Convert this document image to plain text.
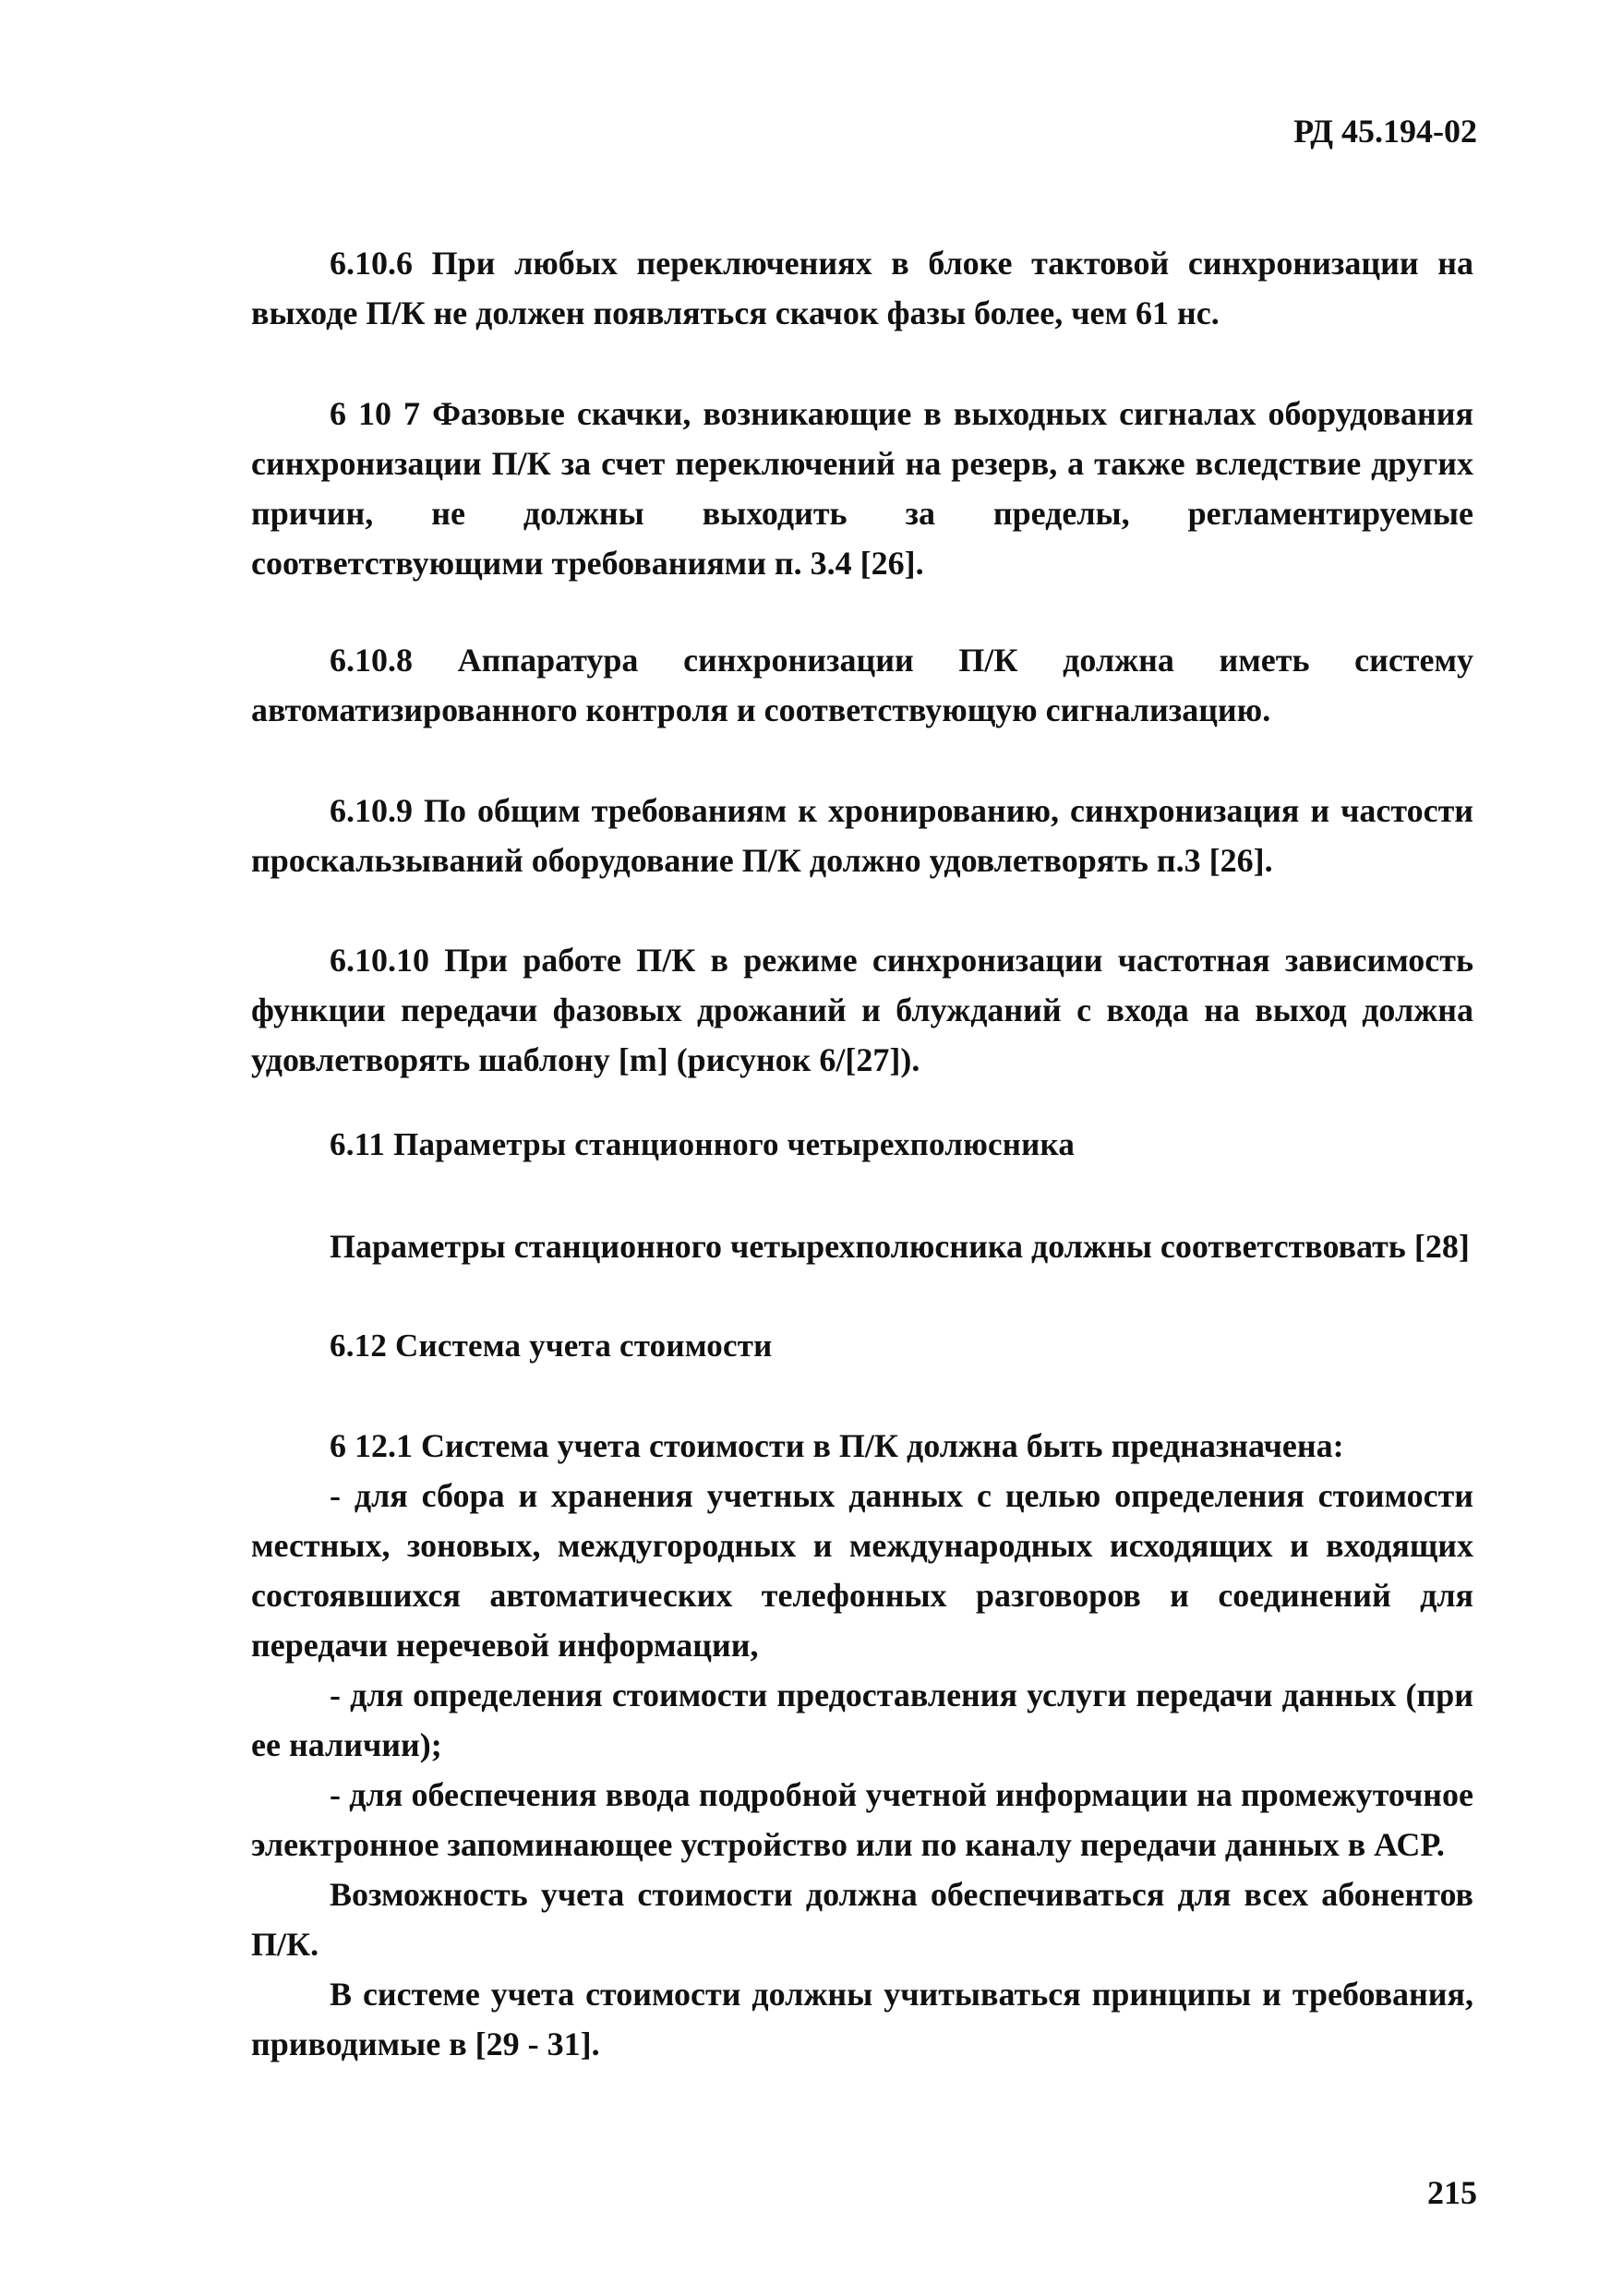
РД 45.194-02

6.10.6 При любых переключениях в блоке тактовой синхронизации на выходе П/К не должен появляться скачок фазы более, чем 61 нс.

6 10 7 Фазовые скачки, возникающие в выходных сигналах оборудования синхронизации П/К за счет переключений на резерв, а также вследствие других причин, не должны выходить за пределы, регламентируемые соответствующими требованиями п. 3.4 [26].

6.10.8 Аппаратура синхронизации П/К должна иметь систему автоматизированного контроля и соответствующую сигнализацию.

6.10.9 По общим требованиям к хронированию, синхронизация и частости проскальзываний оборудование П/К должно удовлетворять п.3 [26].

6.10.10 При работе П/К в режиме синхронизации частотная зависимость функции передачи фазовых дрожаний и блужданий с входа на выход должна удовлетворять шаблону [m] (рисунок 6/[27]).

6.11 Параметры станционного четырехполюсника
Параметры станционного четырехполюсника должны соответствовать [28]
6.12 Система учета стоимости

6 12.1 Система учета стоимости в П/К должна быть предназначена:

- для сбора и хранения учетных данных с целью определения стоимости местных, зоновых, междугородных и международных исходящих и входящих состоявшихся автоматических телефонных разговоров и соединений для передачи неречевой информации,

- для определения стоимости предоставления услуги передачи данных (при ее наличии);

- для обеспечения ввода подробной учетной информации на промежуточное электронное запоминающее устройство или по каналу передачи данных в АСР.

Возможность учета стоимости должна обеспечиваться для всех абонентов П/К.

В системе учета стоимости должны учитываться принципы и требования, приводимые в [29 - 31].

215
